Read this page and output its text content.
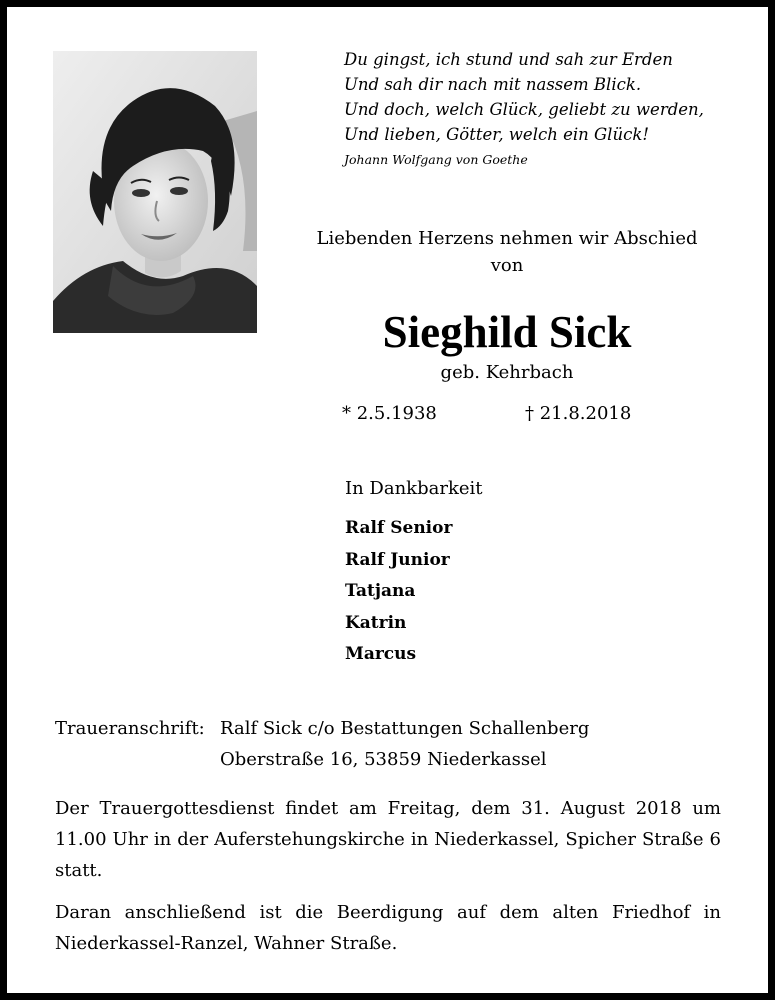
Du gingst, ich stund und sah zur Erden
Und sah dir nach mit nassem Blick.
Und doch, welch Glück, geliebt zu werden,
Und lieben, Götter, welch ein Glück!
Johann Wolfgang von Goethe
Liebenden Herzens nehmen wir Abschied
von
Sieghild Sick
geb. Kehrbach
* 2.5.1938	† 21.8.2018
In Dankbarkeit
Ralf Senior
Ralf Junior
Tatjana
Katrin
Marcus
Traueranschrift: Ralf Sick c/o Bestattungen Schallenberg
Oberstraße 16, 53859 Niederkassel
Der Trauergottesdienst findet am Freitag, dem 31. August 2018 um 11.00 Uhr in der Auferstehungskirche in Niederkassel, Spicher Straße 6 statt.
Daran anschließend ist die Beerdigung auf dem alten Friedhof in Niederkassel-Ranzel, Wahner Straße.
